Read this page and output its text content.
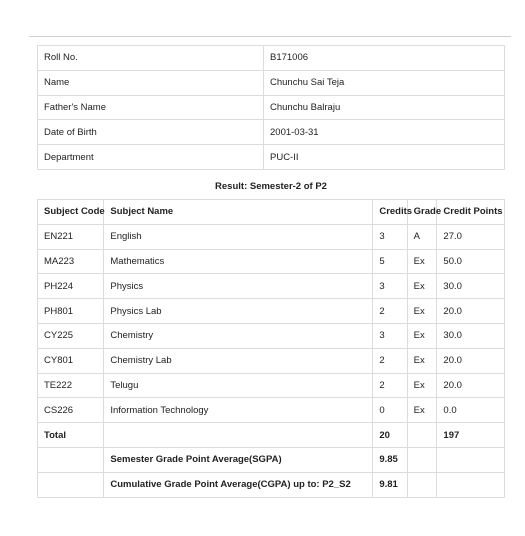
Roll No.	B171006
Name	Chunchu Sai Teja
Father's Name	Chunchu Balraju
Date of Birth	2001-03-31
Department	PUC-II
Result: Semester-2 of P2
Subject Code	Subject Name	Credits	Grade	Credit Points
EN221	English	3	A	27.0
MA223	Mathematics	5	Ex	50.0
PH224	Physics	3	Ex	30.0
PH801	Physics Lab	2	Ex	20.0
CY225	Chemistry	3	Ex	30.0
CY801	Chemistry Lab	2	Ex	20.0
TE222	Telugu	2	Ex	20.0
CS226	Information Technology	0	Ex	0.0
Total		20		197
	Semester Grade Point Average(SGPA)	9.85		
	Cumulative Grade Point Average(CGPA) up to: P2_S2	9.81		
